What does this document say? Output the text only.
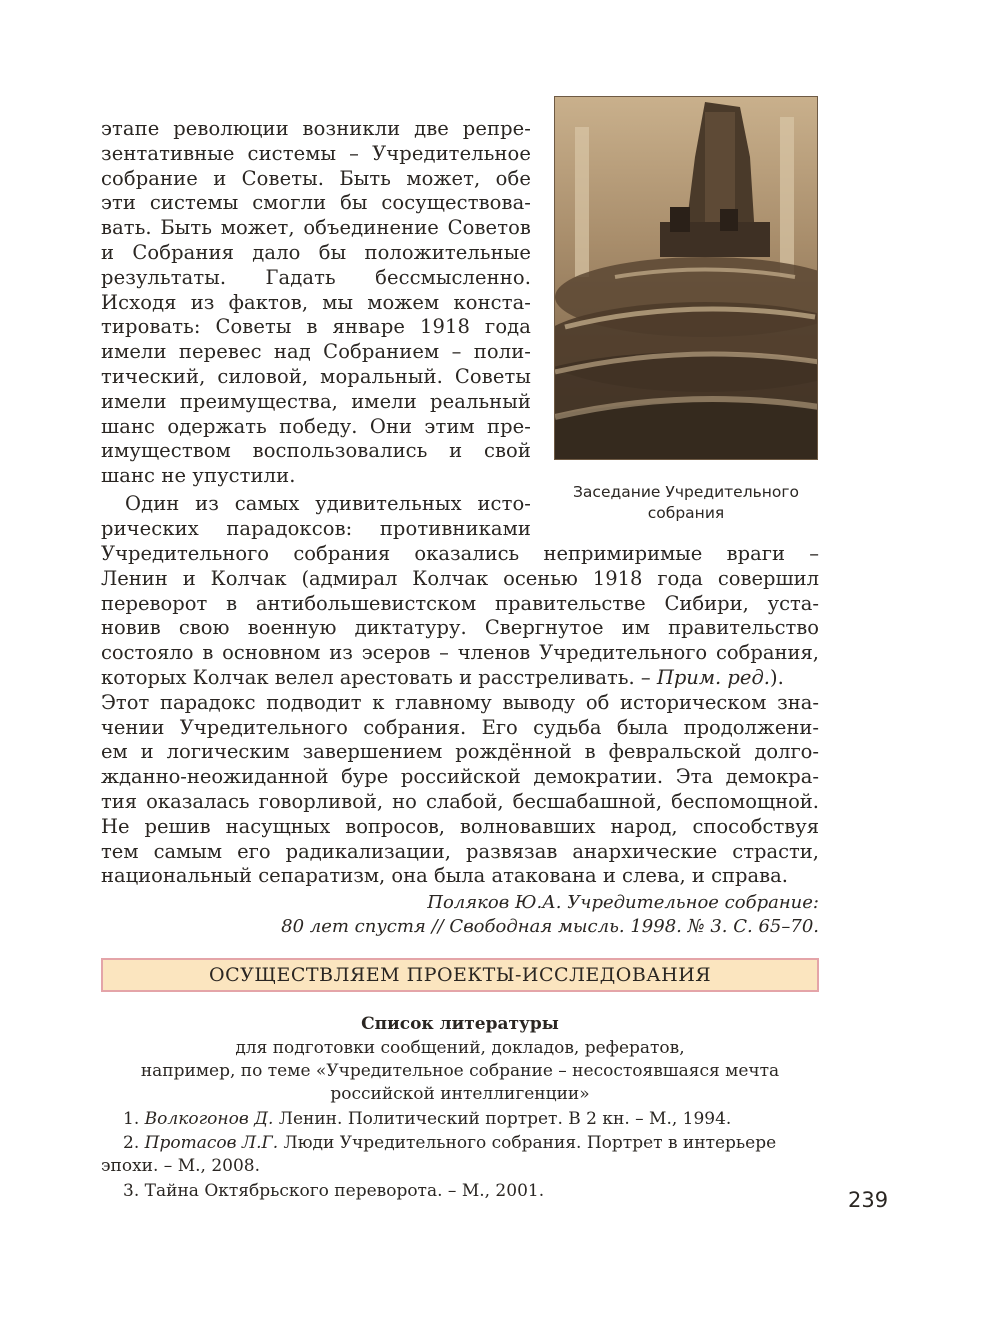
этапе революции возникли две репре-
зентативные системы – Учредительное
собрание и Советы. Быть может, обе
эти системы смогли бы сосуществова-
вать. Быть может, объединение Советов
и Собрания дало бы положительные
результаты. Гадать бессмысленно.
Исходя из фактов, мы можем конста-
тировать: Советы в январе 1918 года
имели перевес над Собранием – поли-
тический, силовой, моральный. Советы
имели преимущества, имели реальный
шанс одержать победу. Они этим пре-
имуществом воспользовались и свой
шанс не упустили.
Один из самых удивительных исто-
рических парадоксов: противниками
Заседание Учредительного
собрания
Учредительного собрания оказались непримиримые враги –
Ленин и Колчак (адмирал Колчак осенью 1918 года совершил
переворот в антибольшевистском правительстве Сибири, уста-
новив свою военную диктатуру. Свергнутое им правительство
состояло в основном из эсеров – членов Учредительного собрания,
которых Колчак велел арестовать и расстреливать. – Прим. ред.).
Этот парадокс подводит к главному выводу об историческом зна-
чении Учредительного собрания. Его судьба была продолжени-
ем и логическим завершением рождённой в февральской долго-
жданно-неожиданной буре российской демократии. Эта демокра-
тия оказалась говорливой, но слабой, бесшабашной, беспомощной.
Не решив насущных вопросов, волновавших народ, способствуя
тем самым его радикализации, развязав анархические страсти,
национальный сепаратизм, она была атакована и слева, и справа.
Поляков Ю.А. Учредительное собрание:
80 лет спустя // Свободная мысль. 1998. № 3. С. 65–70.
ОСУЩЕСТВЛЯЕМ ПРОЕКТЫ-ИССЛЕДОВАНИЯ
Список литературы
для подготовки сообщений, докладов, рефератов,
например, по теме «Учредительное собрание – несостоявшаяся мечта
российской интеллигенции»
1. Волкогонов Д. Ленин. Политический портрет. В 2 кн. – М., 1994.
2. Протасов Л.Г. Люди Учредительного собрания. Портрет в интерьере
эпохи. – М., 2008.
3. Тайна Октябрьского переворота. – М., 2001.	239
